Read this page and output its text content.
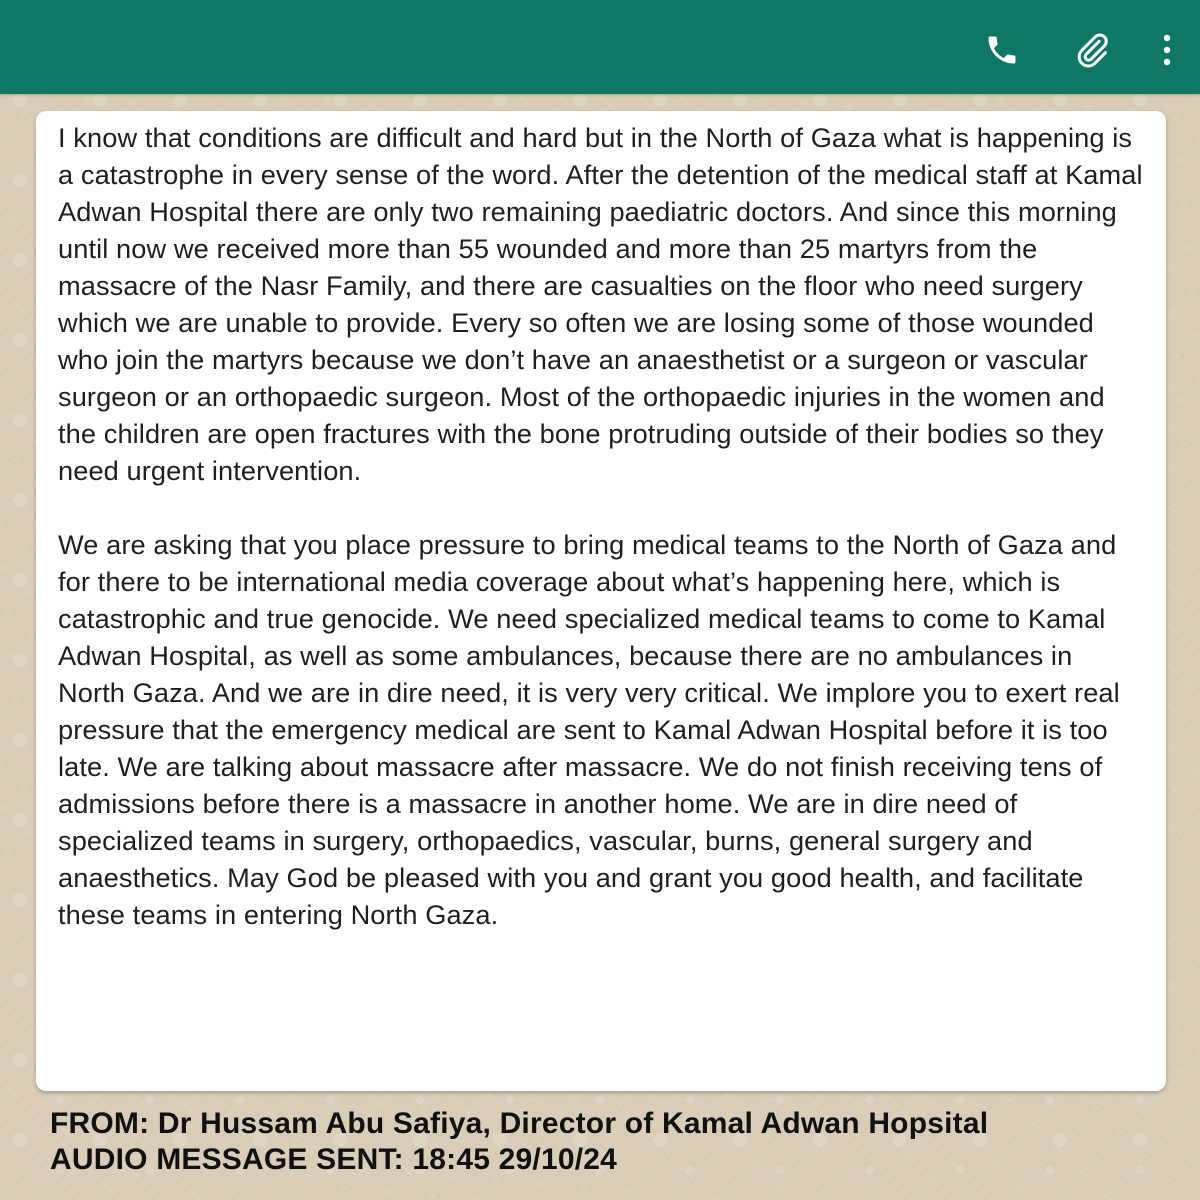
I know that conditions are difficult and hard but in the North of Gaza what is happening is a catastrophe in every sense of the word. After the detention of the medical staff at Kamal Adwan Hospital there are only two remaining paediatric doctors. And since this morning until now we received more than 55 wounded and more than 25 martyrs from the massacre of the Nasr Family, and there are casualties on the floor who need surgery which we are unable to provide. Every so often we are losing some of those wounded who join the martyrs because we don’t have an anaesthetist or a surgeon or vascular surgeon or an orthopaedic surgeon. Most of the orthopaedic injuries in the women and the children are open fractures with the bone protruding outside of their bodies so they need urgent intervention.

We are asking that you place pressure to bring medical teams to the North of Gaza and for there to be international media coverage about what’s happening here, which is catastrophic and true genocide. We need specialized medical teams to come to Kamal Adwan Hospital, as well as some ambulances, because there are no ambulances in North Gaza. And we are in dire need, it is very very critical. We implore you to exert real pressure that the emergency medical are sent to Kamal Adwan Hospital before it is too late. We are talking about massacre after massacre. We do not finish receiving tens of admissions before there is a massacre in another home. We are in dire need of specialized teams in surgery, orthopaedics, vascular, burns, general surgery and anaesthetics. May God be pleased with you and grant you good health, and facilitate these teams in entering North Gaza.

FROM: Dr Hussam Abu Safiya, Director of Kamal Adwan Hopsital
AUDIO MESSAGE SENT: 18:45 29/10/24
